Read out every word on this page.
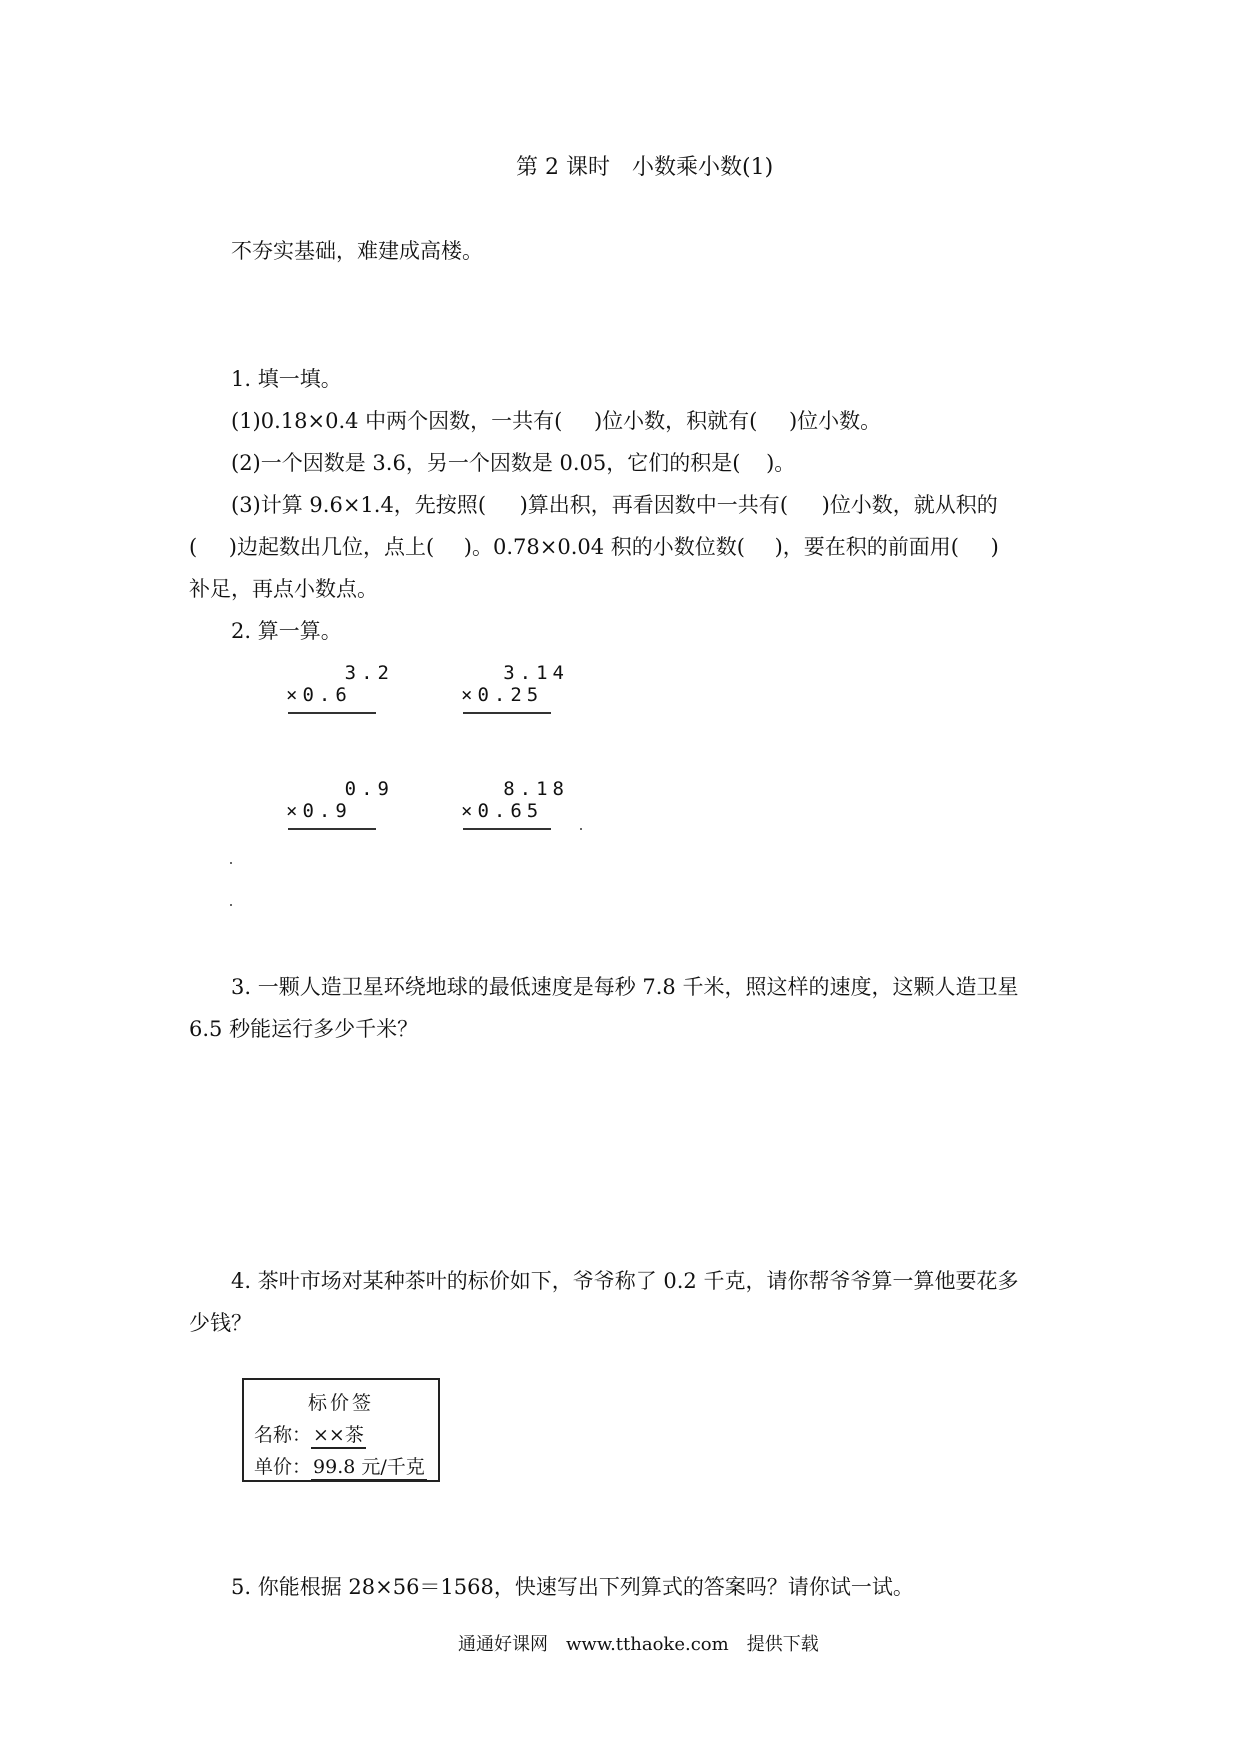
第 2 课时　小数乘小数(1)
不夯实基础，难建成高楼。
1. 填一填。
(1)0.18×0.4 中两个因数，一共有 ( ) 位小数，积就有 ( ) 位小数。
(2)一个因数是 3.6，另一个因数是 0.05，它们的积是 ( ) 。
(3)计算 9.6×1.4，先按照 ( ) 算出积，再看因数中一共有 ( ) 位小数，就从积的
( )边起数出几位，点上 ( ) 。0.78×0.04 积的小数位数 ( ) ，要在积的前面用( )
补足，再点小数点。
2. 算一算。
3.2
×0.6
3.14
×0.25
0.9
×0.9
8.18
×0.65
3. 一颗人造卫星环绕地球的最低速度是每秒 7.8 千米，照这样的速度，这颗人造卫星
6.5 秒能运行多少千米？
4. 茶叶市场对某种茶叶的标价如下，爷爷称了 0.2 千克，请你帮爷爷算一算他要花多
少钱？
标价签
名称： ××茶
单价： 99.8 元/千克
5. 你能根据 28×56＝1568，快速写出下列算式的答案吗？请你试一试。
通通好课网　www.tthaoke.com　提供下载
